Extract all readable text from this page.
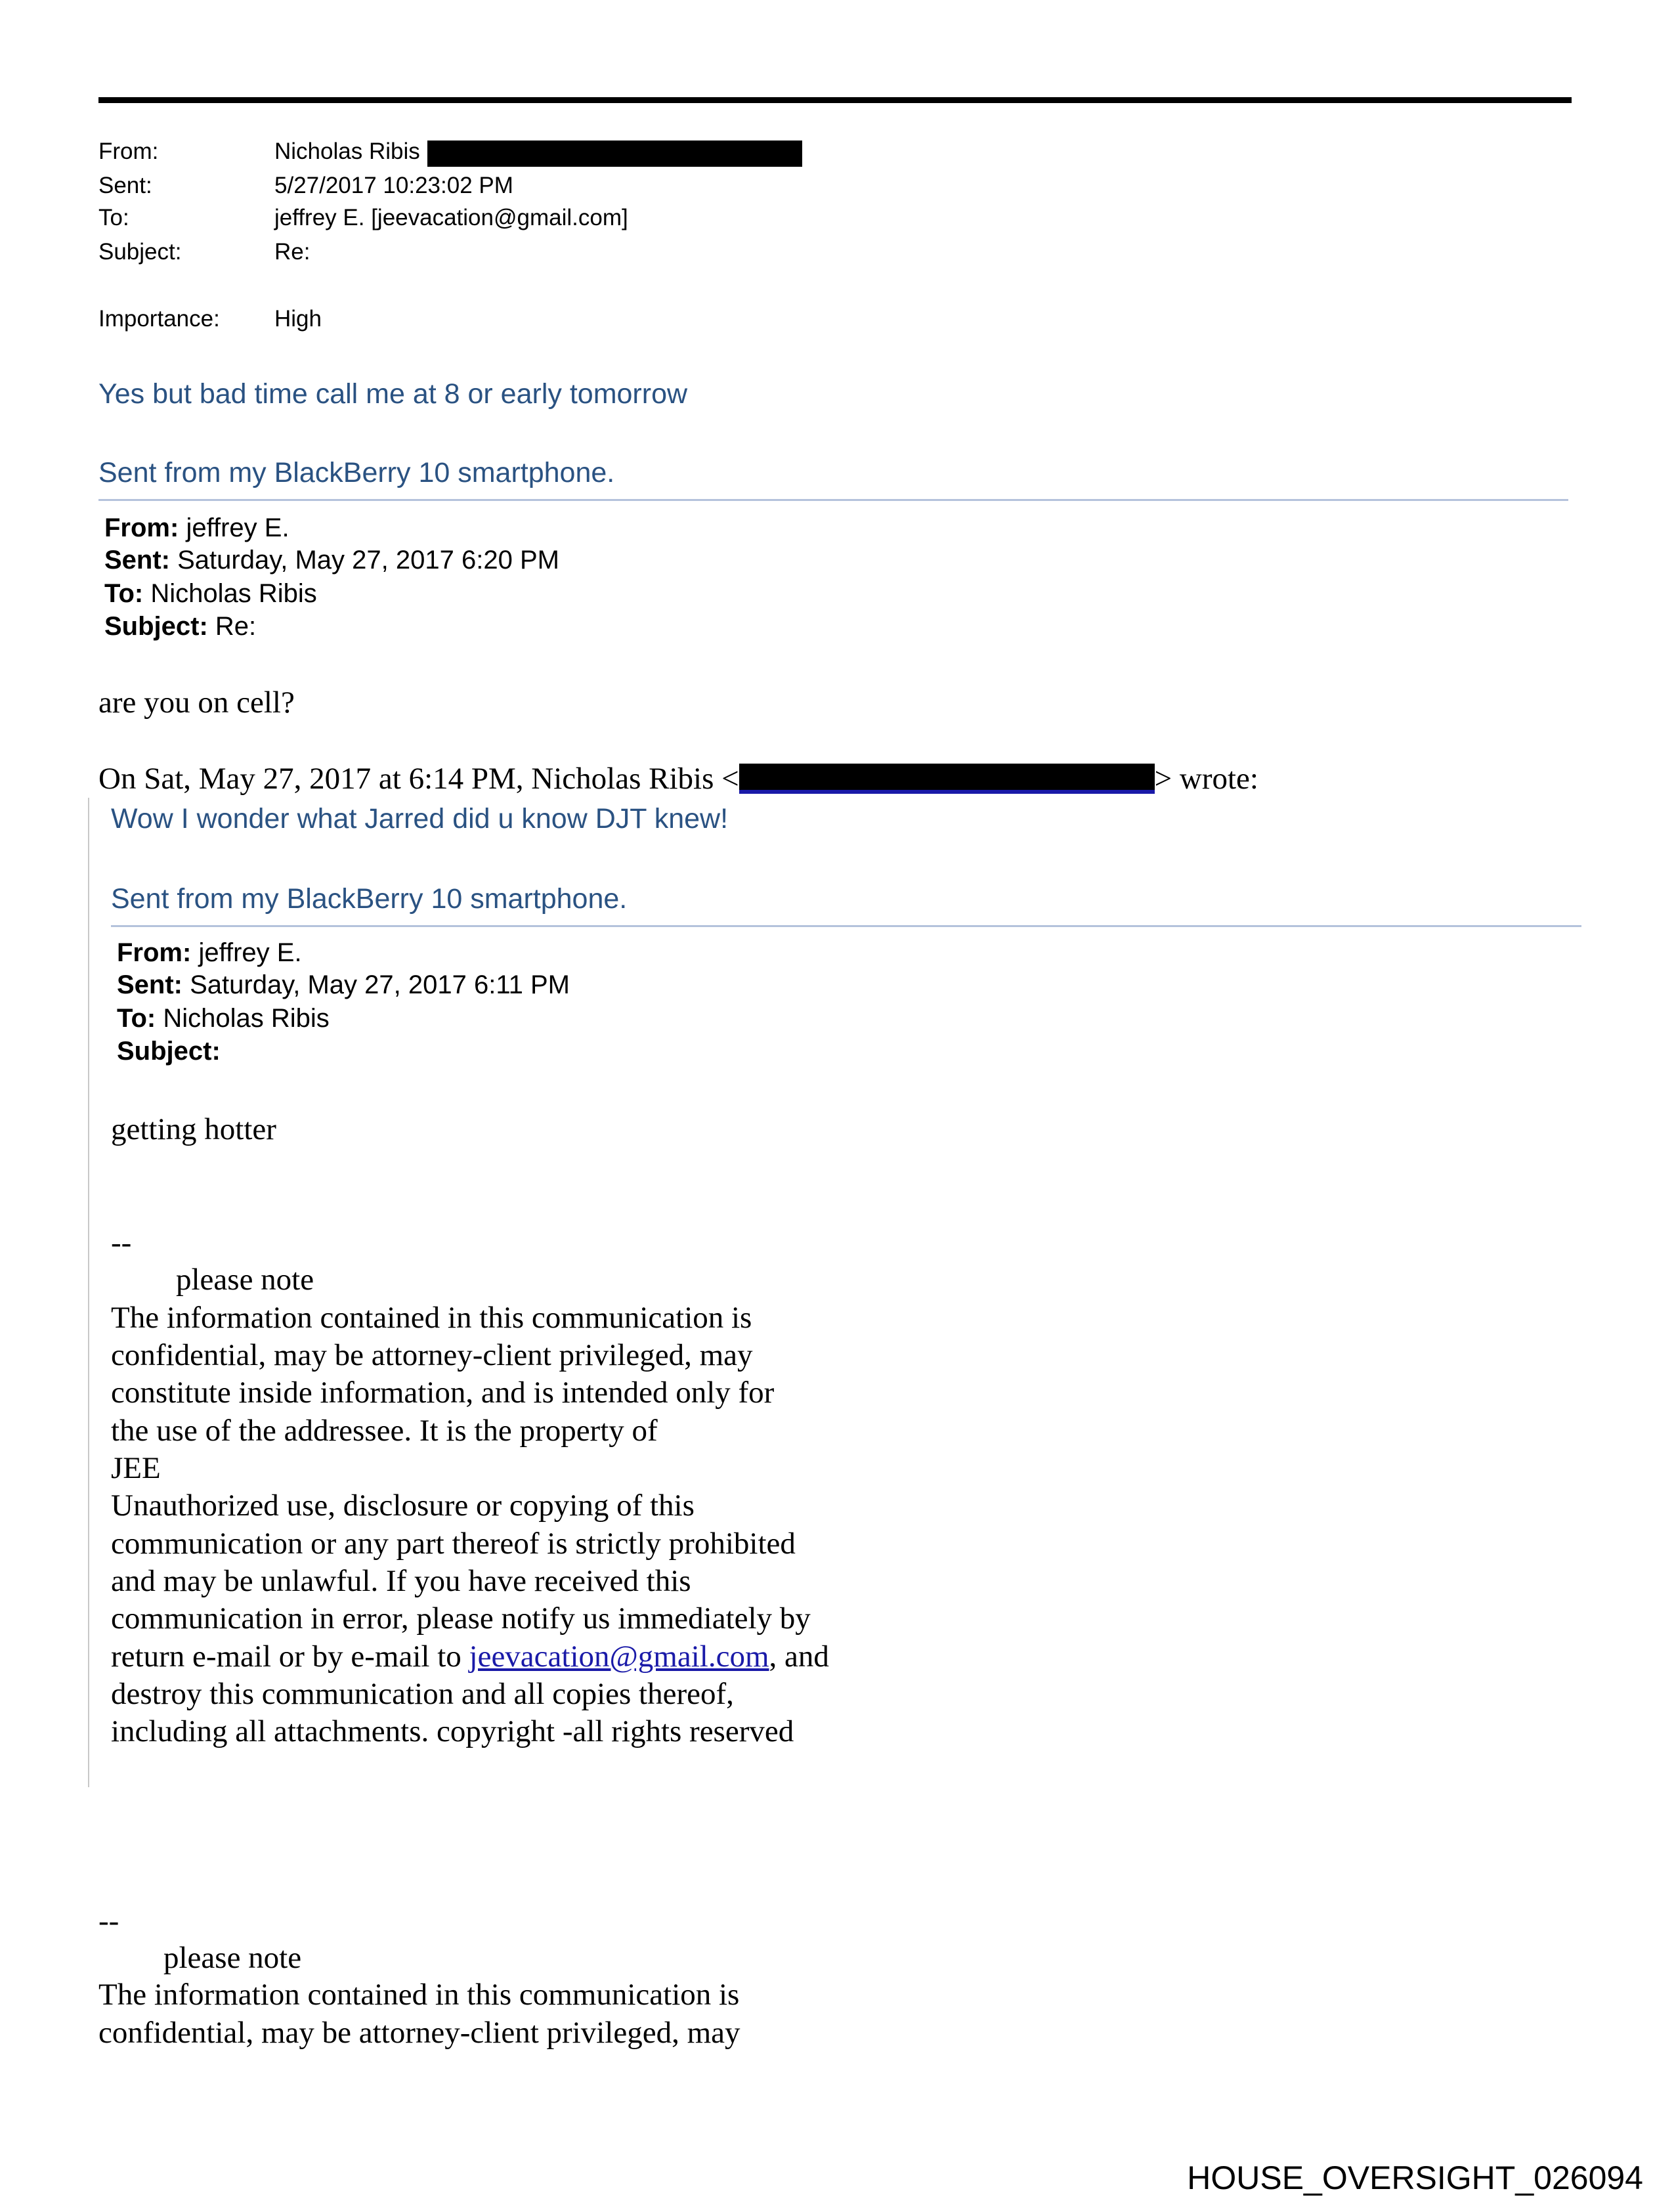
From:	Nicholas Ribis
Sent:	5/27/2017 10:23:02 PM
To:	jeffrey E. [jeevacation@gmail.com]
Subject:	Re:
Importance: High
Yes but bad time call me at 8 or early tomorrow
Sent from my BlackBerry 10 smartphone.
From: jeffrey E.
Sent: Saturday, May 27, 2017 6:20 PM
To: Nicholas Ribis
Subject: Re:
are you on cell?
On Sat, May 27, 2017 at 6:14 PM, Nicholas Ribis <	> wrote:
Wow I wonder what Jarred did u know DJT knew!
Sent from my BlackBerry 10 smartphone.
From: jeffrey E.
Sent: Saturday, May 27, 2017 6:11 PM
To: Nicholas Ribis
Subject:
getting hotter
--
please note
The information contained in this communication is
confidential, may be attorney-client privileged, may
constitute inside information, and is intended only for
the use of the addressee. It is the property of
JEE
Unauthorized use, disclosure or copying of this
communication or any part thereof is strictly prohibited
and may be unlawful. If you have received this
communication in error, please notify us immediately by
return e-mail or by e-mail to jeevacation@gmail.com, and
destroy this communication and all copies thereof,
including all attachments. copyright -all rights reserved
--
please note
The information contained in this communication is
confidential, may be attorney-client privileged, may
HOUSE_OVERSIGHT_026094
